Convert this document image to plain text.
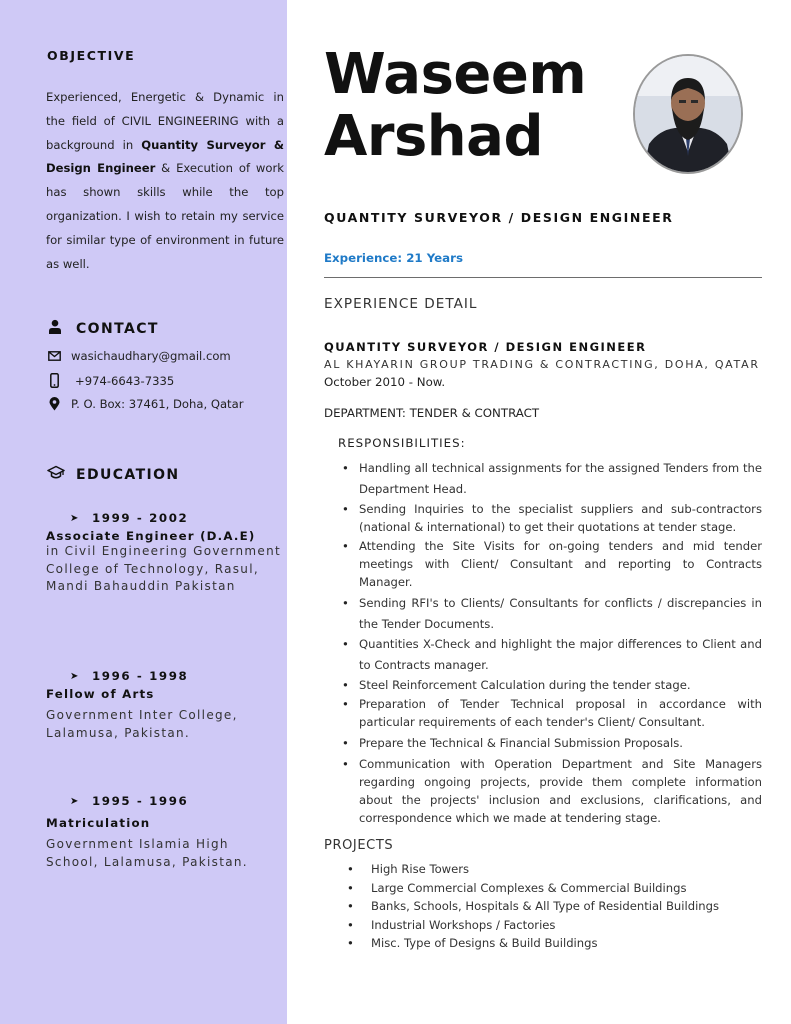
OBJECTIVE
Experienced, Energetic & Dynamic in the field of CIVIL ENGINEERING with a background in Quantity Surveyor & Design Engineer & Execution of work has shown skills while the top organization. I wish to retain my service for similar type of environment in future as well.
CONTACT
wasichaudhary@gmail.com
+974-6643-7335
P. O. Box: 37461, Doha, Qatar
EDUCATION
➤ 1999 - 2002
Associate Engineer (D.A.E)
in Civil Engineering Government College of Technology, Rasul, Mandi Bahauddin Pakistan
➤ 1996 - 1998
Fellow of Arts
Government Inter College, Lalamusa, Pakistan.
➤ 1995 - 1996
Matriculation
Government Islamia High School, Lalamusa, Pakistan.
Waseem
Arshad
QUANTITY SURVEYOR / DESIGN ENGINEER
Experience: 21 Years
EXPERIENCE DETAIL
QUANTITY SURVEYOR / DESIGN ENGINEER
AL KHAYARIN GROUP TRADING & CONTRACTING, DOHA, QATAR
October 2010 - Now.
DEPARTMENT: TENDER & CONTRACT
RESPONSIBILITIES:
• Handling all technical assignments for the assigned Tenders from the Department Head.
• Sending Inquiries to the specialist suppliers and sub-contractors (national & international) to get their quotations at tender stage.
• Attending the Site Visits for on-going tenders and mid tender meetings with Client/ Consultant and reporting to Contracts Manager.
• Sending RFI's to Clients/ Consultants for conflicts / discrepancies in the Tender Documents.
• Quantities X-Check and highlight the major differences to Client and to Contracts manager.
• Steel Reinforcement Calculation during the tender stage.
• Preparation of Tender Technical proposal in accordance with particular requirements of each tender's Client/ Consultant.
• Prepare the Technical & Financial Submission Proposals.
• Communication with Operation Department and Site Managers regarding ongoing projects, provide them complete information about the projects' inclusion and exclusions, clarifications, and correspondence which we made at tendering stage.
PROJECTS
• High Rise Towers
• Large Commercial Complexes & Commercial Buildings
• Banks, Schools, Hospitals & All Type of Residential Buildings
• Industrial Workshops / Factories
• Misc. Type of Designs & Build Buildings
